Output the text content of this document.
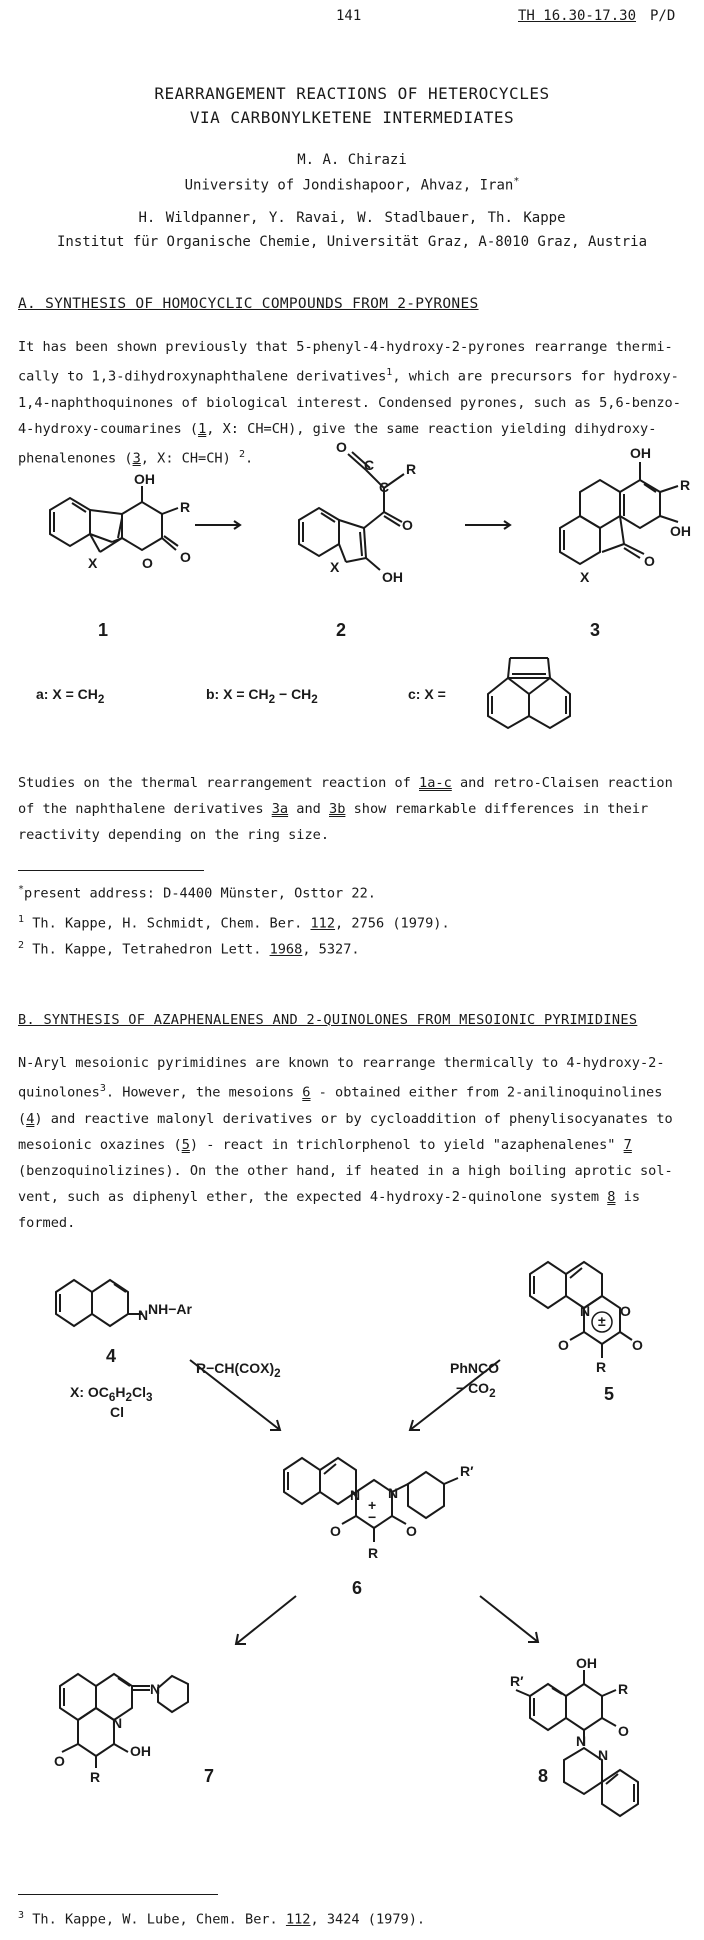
141	TH 16.30-17.30 P/D
REARRANGEMENT REACTIONS OF HETEROCYCLES
VIA CARBONYLKETENE INTERMEDIATES
M. A. Chirazi
University of Jondishapoor, Ahvaz, Iran*
H. Wildpanner, Y. Ravai, W. Stadlbauer, Th. Kappe
Institut für Organische Chemie, Universität Graz, A-8010 Graz, Austria
A. SYNTHESIS OF HOMOCYCLIC COMPOUNDS FROM 2-PYRONES
It has been shown previously that 5-phenyl-4-hydroxy-2-pyrones rearrange thermi-
cally to 1,3-dihydroxynaphthalene derivatives$^1$, which are precursors for hydroxy-
1,4-naphthoquinones of biological interest. Condensed pyrones, such as 5,6-benzo-
4-hydroxy-coumarines (1, X: CH=CH), give the same reaction yielding dihydroxy-
phenalenones (3, X: CH=CH) $^2$.
OH
R
O
O
X
1
O
C
C
R
O
OH
X
2
OH
R
OH
O
X
3
a: $X = CH_2$	b: $X = CH_2 - CH_2$	c: X =
Studies on the thermal rearrangement reaction of 1a-c and retro-Claisen reaction
of the naphthalene derivatives 3a and 3b show remarkable differences in their
reactivity depending on the ring size.
*present address: D-4400 Münster, Osttor 22.
$^1$ Th. Kappe, H. Schmidt, Chem. Ber. 112, 2756 (1979).
$^2$ Th. Kappe, Tetrahedron Lett. 1968, 5327.
B. SYNTHESIS OF AZAPHENALENES AND 2-QUINOLONES FROM MESOIONIC PYRIMIDINES
N-Aryl mesoionic pyrimidines are known to rearrange thermically to 4-hydroxy-2-
quinolones$^3$. However, the mesoions 6 - obtained either from 2-anilinoquinolines
(4) and reactive malonyl derivatives or by cycloaddition of phenylisocyanates to
mesoionic oxazines (5) - react in trichlorphenol to yield "azaphenalenes" 7
(benzoquinolizines). On the other hand, if heated in a high boiling aprotic sol-
vent, such as diphenyl ether, the expected 4-hydroxy-2-quinolone system 8 is
formed.
N NH−Ar
4
N O
O	O
R
±
5
$R-CH(COX)_2$
X: $OC_6H_2Cl_3$
Cl
PhNCO
− $CO_2$
N N
O	O
R
R′
+
−
6
N
N
O
OH
R	7
OH
R
O
R′
N
N
8
$^3$ Th. Kappe, W. Lube, Chem. Ber. 112, 3424 (1979).
